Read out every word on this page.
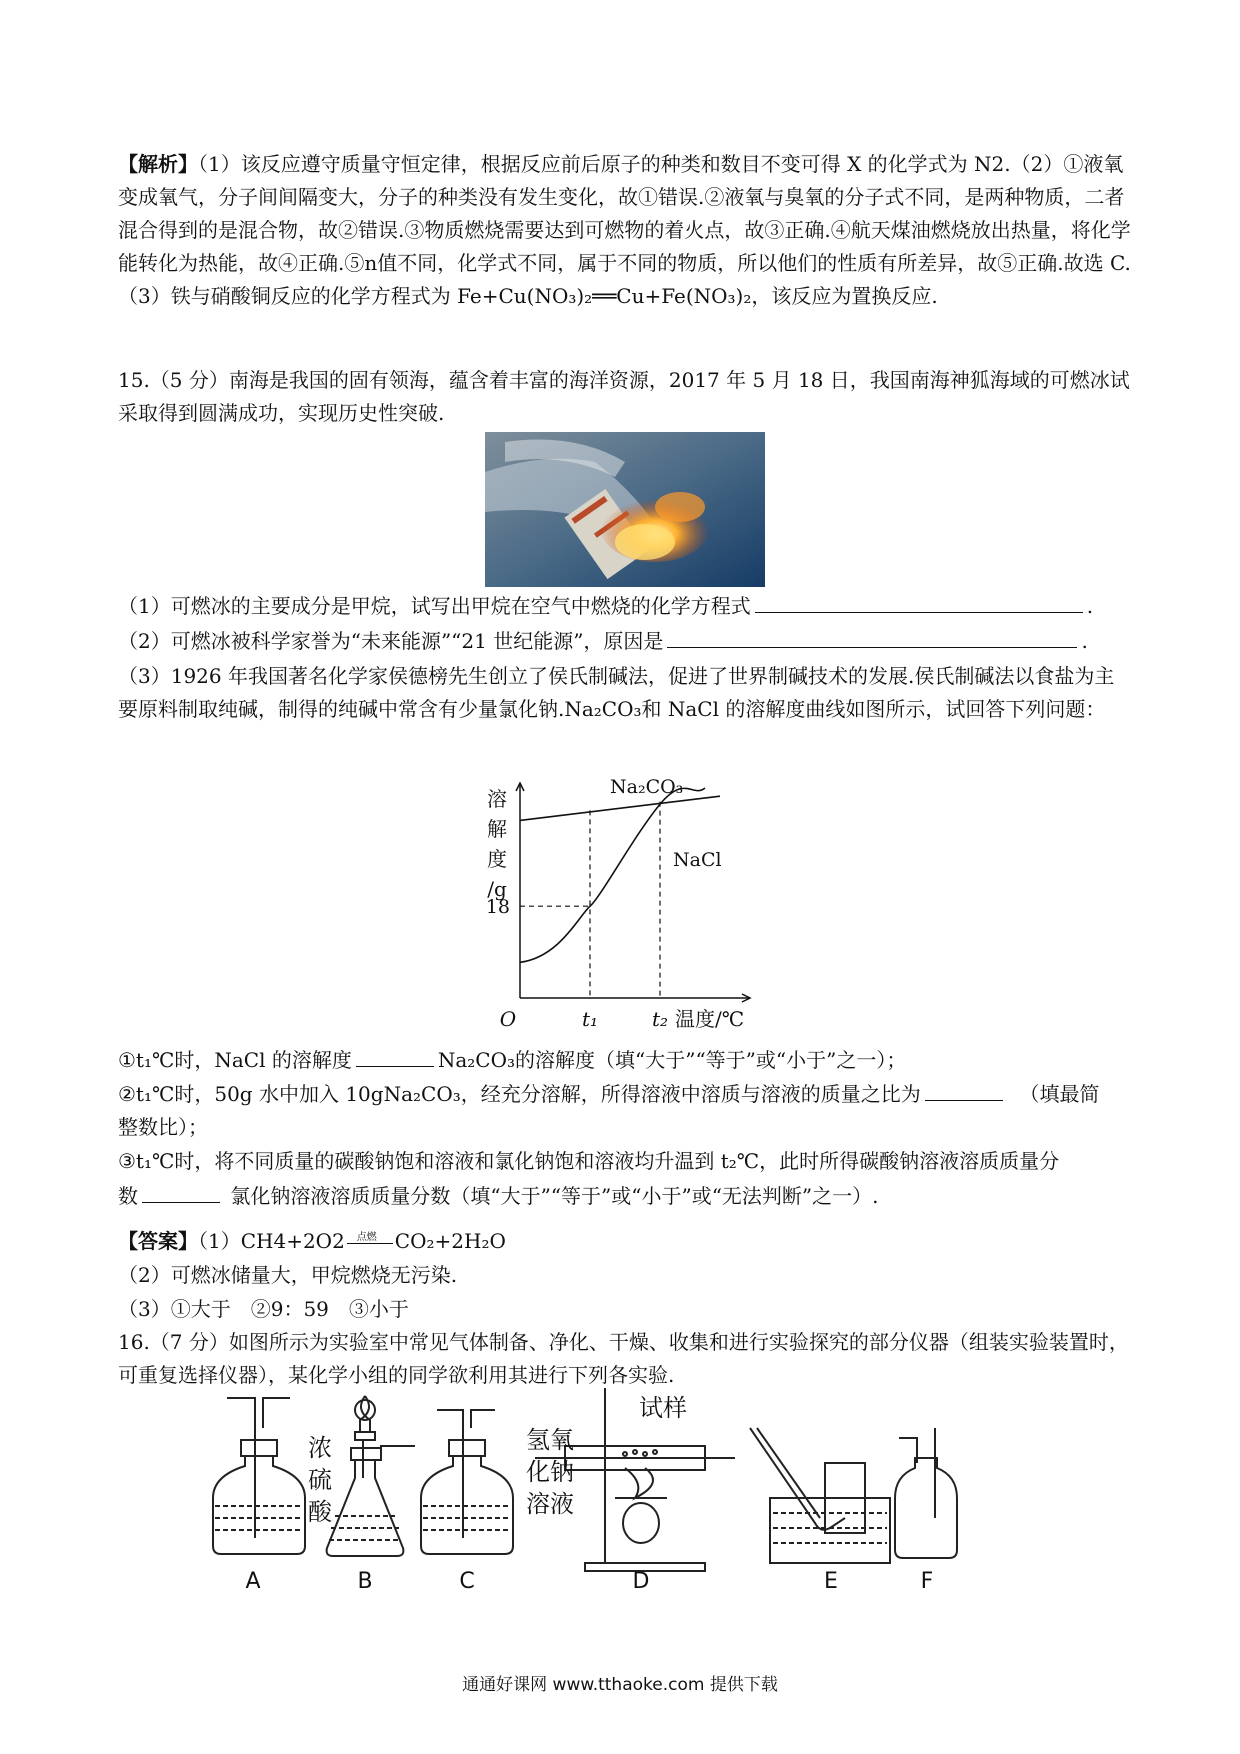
【解析】（1）该反应遵守质量守恒定律，根据反应前后原子的种类和数目不变可得 X 的化学式为 N2.（2）①液氧变成氧气，分子间间隔变大，分子的种类没有发生变化，故①错误.②液氧与臭氧的分子式不同，是两种物质，二者混合得到的是混合物，故②错误.③物质燃烧需要达到可燃物的着火点，故③正确.④航天煤油燃烧放出热量，将化学能转化为热能，故④正确.⑤n值不同，化学式不同，属于不同的物质，所以他们的性质有所差异，故⑤正确.故选 C.（3）铁与硝酸铜反应的化学方程式为 Fe+Cu(NO₃)₂══Cu+Fe(NO₃)₂，该反应为置换反应.
15.（5 分）南海是我国的固有领海，蕴含着丰富的海洋资源，2017 年 5 月 18 日，我国南海神狐海域的可燃冰试采取得到圆满成功，实现历史性突破.
（1）可燃冰的主要成分是甲烷，试写出甲烷在空气中燃烧的化学方程式	.
（2）可燃冰被科学家誉为“未来能源”“21 世纪能源”，原因是	.
（3）1926 年我国著名化学家侯德榜先生创立了侯氏制碱法，促进了世界制碱技术的发展.侯氏制碱法以食盐为主要原料制取纯碱，制得的纯碱中常含有少量氯化钠.Na₂CO₃和 NaCl 的溶解度曲线如图所示，试回答下列问题：
溶
解
度
/g
18
O	t₁	t₂ 温度/℃
Na₂CO₃
NaCl
①t₁℃时，NaCl 的溶解度	Na₂CO₃的溶解度（填“大于”“等于”或“小于”之一）；
②t₁℃时，50g 水中加入 10gNa₂CO₃，经充分溶解，所得溶液中溶质与溶液的质量之比为	（填最简
整数比）；
③t₁℃时，将不同质量的碳酸钠饱和溶液和氯化钠饱和溶液均升温到 t₂℃，此时所得碳酸钠溶液溶质质量分
数	氯化钠溶液溶质质量分数（填“大于”“等于”或“小于”或“无法判断”之一）.
【答案】（1）CH4+2O2 点燃 CO₂+2H₂O
（2）可燃冰储量大，甲烷燃烧无污染.
（3）①大于　②9：59　③小于
16.（7 分）如图所示为实验室中常见气体制备、净化、干燥、收集和进行实验探究的部分仪器（组装实验装置时，可重复选择仪器），某化学小组的同学欲利用其进行下列各实验.
A	B	C	D	E	F
浓
硫
酸
氢氧
化钠
溶液
试样
通通好课网 www.tthaoke.com 提供下载
